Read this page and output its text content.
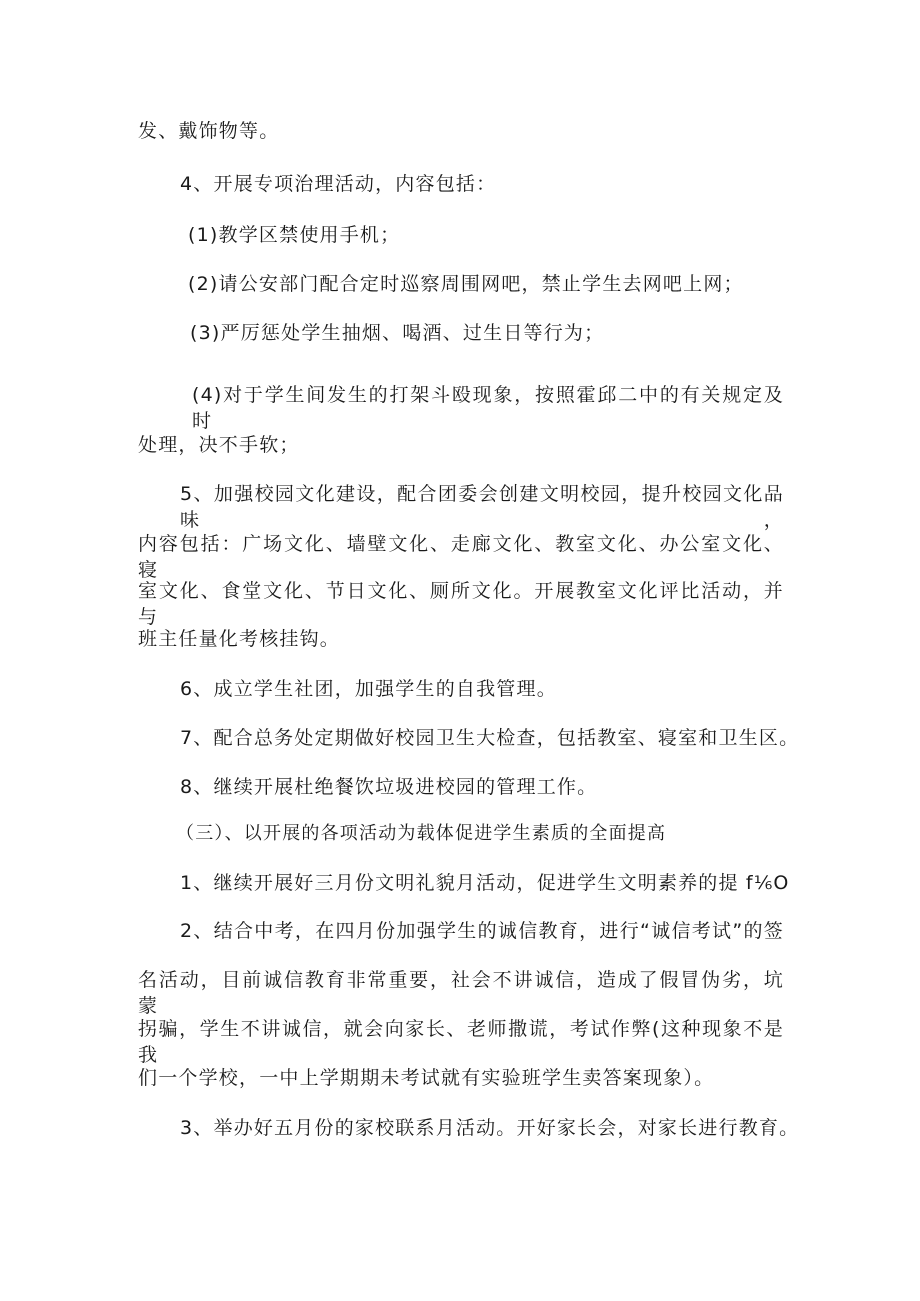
发、戴饰物等。
4、开展专项治理活动，内容包括：
(1)教学区禁使用手机；
(2)请公安部门配合定时巡察周围网吧，禁止学生去网吧上网；
(3)严厉惩处学生抽烟、喝酒、过生日等行为；
(4)对于学生间发生的打架斗殴现象，按照霍邱二中的有关规定及时
处理，决不手软；
5、加强校园文化建设，配合团委会创建文明校园，提升校园文化品味，
内容包括：广场文化、墙壁文化、走廊文化、教室文化、办公室文化、寝
室文化、食堂文化、节日文化、厕所文化。开展教室文化评比活动，并与
班主任量化考核挂钩。
6、成立学生社团，加强学生的自我管理。
7、配合总务处定期做好校园卫生大检查，包括教室、寝室和卫生区。
8、继续开展杜绝餐饮垃圾进校园的管理工作。
（三）、以开展的各项活动为载体促进学生素质的全面提高
1、继续开展好三月份文明礼貌月活动，促进学生文明素养的提 f⅙O
2、结合中考，在四月份加强学生的诚信教育，进行“诚信考试”的签
名活动，目前诚信教育非常重要，社会不讲诚信，造成了假冒伪劣，坑蒙
拐骗，学生不讲诚信，就会向家长、老师撒谎，考试作弊(这种现象不是我
们一个学校，一中上学期期未考试就有实验班学生卖答案现象）。
3、举办好五月份的家校联系月活动。开好家长会，对家长进行教育。
